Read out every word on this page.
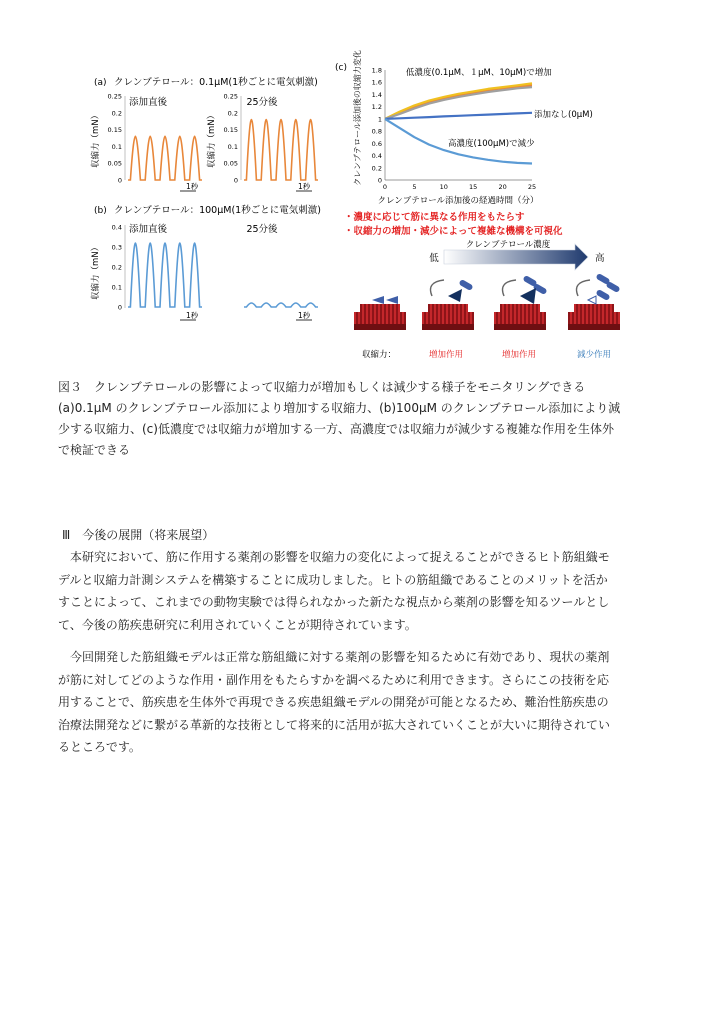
(a) クレンブテロール：0.1μM(1秒ごとに電気刺激)
添加直後	25分後
収縮力（mN）	収縮力（mN）
0.25
0.2
0.15
0.1
0.05
0
0.25
0.2
0.15
0.1
0.05
0
1秒	1秒
(b) クレンブテロール：100μM(1秒ごとに電気刺激)
添加直後	25分後
収縮力（mN）
0.4
0.3
0.2
0.1
0
1秒	1秒
(c) クレンブテロール添加後の収縮力変化 0
0.2
0.4
0.6
0.8
1
1.2
1.4
1.6
1.8
0	5	10	15	20	25
クレンブテロール添加後の経過時間（分）
低濃度(0.1μM、１μM、10μM)で増加
添加なし(0μM)
高濃度(100μM)で減少
・濃度に応じて筋に異なる作用をもたらす
・収縮力の増加・減少によって複雑な機構を可視化
クレンブテロール濃度
低	高
収縮力：	増加作用	増加作用	減少作用

図３　クレンブテロールの影響によって収縮力が増加もしくは減少する様子をモニタリングできる

(a)0.1μM のクレンブテロール添加により増加する収縮力、(b)100μM のクレンブテロール添加により減

少する収縮力、(c)低濃度では収縮力が増加する一方、高濃度では収縮力が減少する複雑な作用を生体外

で検証できる

Ⅲ　今後の展開（将来展望）
　本研究において、筋に作用する薬剤の影響を収縮力の変化によって捉えることができるヒト筋組織モ
デルと収縮力計測システムを構築することに成功しました。ヒトの筋組織であることのメリットを活か
すことによって、これまでの動物実験では得られなかった新たな視点から薬剤の影響を知るツールとし
て、今後の筋疾患研究に利用されていくことが期待されています。
　今回開発した筋組織モデルは正常な筋組織に対する薬剤の影響を知るために有効であり、現状の薬剤
が筋に対してどのような作用・副作用をもたらすかを調べるために利用できます。さらにこの技術を応
用することで、筋疾患を生体外で再現できる疾患組織モデルの開発が可能となるため、難治性筋疾患の
治療法開発などに繋がる革新的な技術として将来的に活用が拡大されていくことが大いに期待されてい
るところです。
